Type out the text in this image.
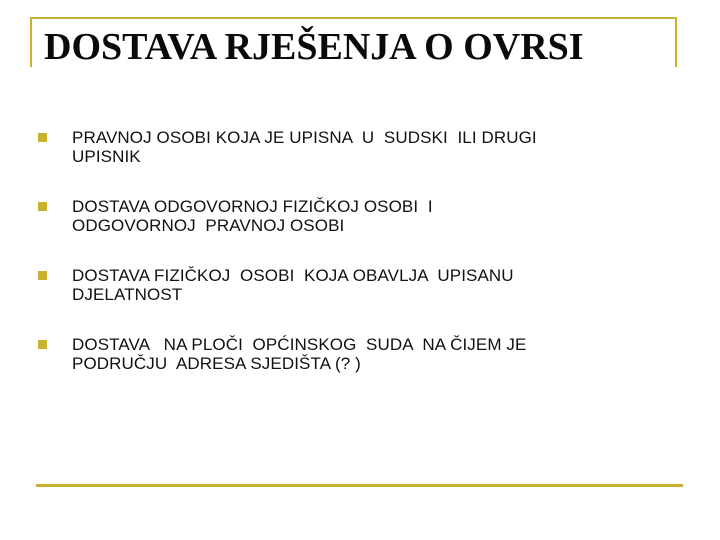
DOSTAVA RJEŠENJA O OVRSI
PRAVNOJ OSOBI KOJA JE UPISNA  U  SUDSKI  ILI DRUGI
UPISNIK
DOSTAVA ODGOVORNOJ FIZIČKOJ OSOBI  I
ODGOVORNOJ  PRAVNOJ OSOBI
DOSTAVA FIZIČKOJ  OSOBI  KOJA OBAVLJA  UPISANU
DJELATNOST
DOSTAVA   NA PLOČI  OPĆINSKOG  SUDA  NA ČIJEM JE
PODRUČJU  ADRESA SJEDIŠTA (? )
